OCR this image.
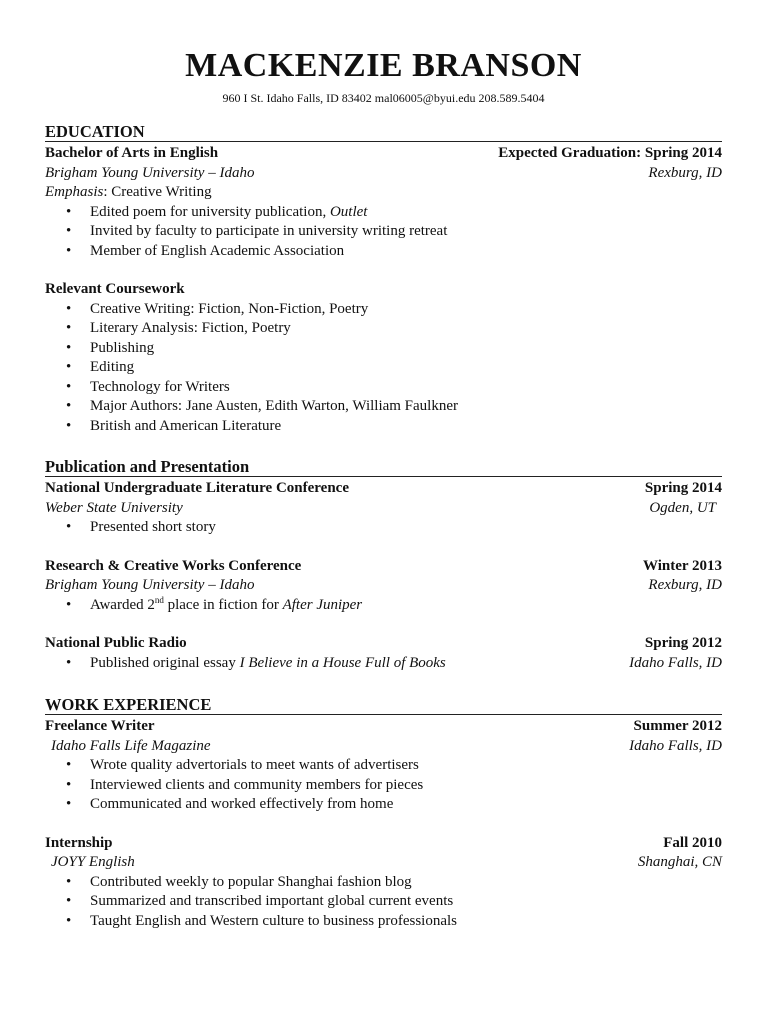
MACKENZIE BRANSON
960 I St. Idaho Falls, ID 83402 mal06005@byui.edu 208.589.5404
EDUCATION
Bachelor of Arts in English	Expected Graduation: Spring 2014
Brigham Young University – Idaho	Rexburg, ID
Emphasis: Creative Writing
• Edited poem for university publication, Outlet
• Invited by faculty to participate in university writing retreat
• Member of English Academic Association
Relevant Coursework
• Creative Writing: Fiction, Non-Fiction, Poetry
• Literary Analysis: Fiction, Poetry
• Publishing
• Editing
• Technology for Writers
• Major Authors: Jane Austen, Edith Warton, William Faulkner
• British and American Literature
Publication and Presentation
National Undergraduate Literature Conference	Spring 2014
Weber State University	Ogden, UT
• Presented short story
Research & Creative Works Conference	Winter 2013
Brigham Young University – Idaho	Rexburg, ID
• Awarded 2nd place in fiction for After Juniper
National Public Radio	Spring 2012
• Published original essay I Believe in a House Full of Books	Idaho Falls, ID
WORK EXPERIENCE
Freelance Writer	Summer 2012
Idaho Falls Life Magazine	Idaho Falls, ID
• Wrote quality advertorials to meet wants of advertisers
• Interviewed clients and community members for pieces
• Communicated and worked effectively from home
Internship	Fall 2010
JOYY English	Shanghai, CN
• Contributed weekly to popular Shanghai fashion blog
• Summarized and transcribed important global current events
• Taught English and Western culture to business professionals
